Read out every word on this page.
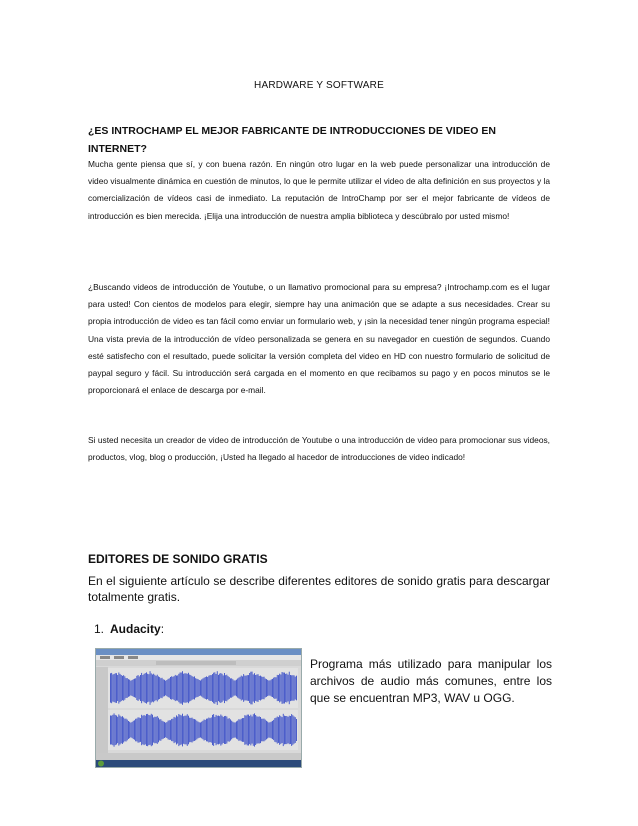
HARDWARE Y SOFTWARE
¿ES INTROCHAMP EL MEJOR FABRICANTE DE INTRODUCCIONES DE VIDEO EN INTERNET?
Mucha gente piensa que sí, y con buena razón. En ningún otro lugar en la web puede personalizar una introducción de video visualmente dinámica en cuestión de minutos, lo que le permite utilizar el video de alta definición en sus proyectos y la comercialización de vídeos casi de inmediato. La reputación de IntroChamp por ser el mejor fabricante de vídeos de introducción es bien merecida. ¡Elija una introducción de nuestra amplia biblioteca y descúbralo por usted mismo!
¿Buscando videos de introducción de Youtube, o un llamativo promocional para su empresa? ¡Introchamp.com es el lugar para usted! Con cientos de modelos para elegir, siempre hay una animación que se adapte a sus necesidades. Crear su propia introducción de video es tan fácil como enviar un formulario web, y ¡sin la necesidad tener ningún programa especial! Una vista previa de la introducción de vídeo personalizada se genera en su navegador en cuestión de segundos. Cuando esté satisfecho con el resultado, puede solicitar la versión completa del video en HD con nuestro formulario de solicitud de paypal seguro y fácil. Su introducción será cargada en el momento en que recibamos su pago y en pocos minutos se le proporcionará el enlace de descarga por e-mail.
Si usted necesita un creador de video de introducción de Youtube o una introducción de video para promocionar sus videos, productos, vlog, blog o producción, ¡Usted ha llegado al hacedor de introducciones de video indicado!
EDITORES DE SONIDO GRATIS
En el siguiente artículo se describe diferentes editores de sonido gratis para descargar totalmente gratis.
1. Audacity:
Programa más utilizado para manipular los archivos de audio más comunes, entre los que se encuentran MP3, WAV u OGG.
